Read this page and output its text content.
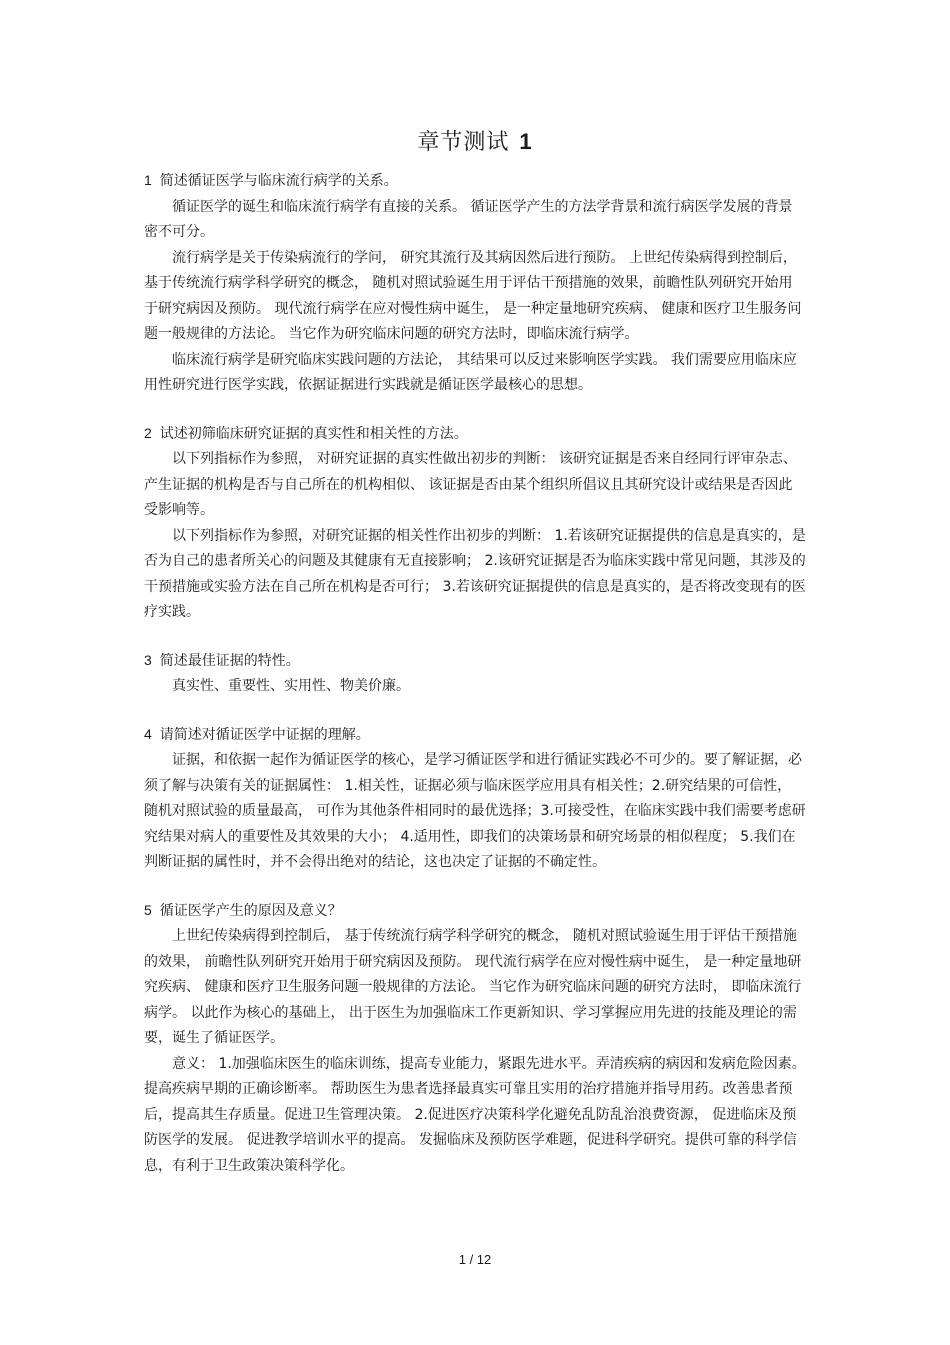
章节测试 1

1 简述循证医学与临床流行病学的关系。

循证医学的诞生和临床流行病学有直接的关系。 循证医学产生的方法学背景和流行病医学发展的背景密不可分。

流行病学是关于传染病流行的学问， 研究其流行及其病因然后进行预防。 上世纪传染病得到控制后， 基于传统流行病学科学研究的概念， 随机对照试验诞生用于评估干预措施的效果，前瞻性队列研究开始用于研究病因及预防。 现代流行病学在应对慢性病中诞生， 是一种定量地研究疾病、 健康和医疗卫生服务问题一般规律的方法论。 当它作为研究临床问题的研究方法时，即临床流行病学。

临床流行病学是研究临床实践问题的方法论， 其结果可以反过来影响医学实践。 我们需要应用临床应用性研究进行医学实践，依据证据进行实践就是循证医学最核心的思想。

2 试述初筛临床研究证据的真实性和相关性的方法。

以下列指标作为参照， 对研究证据的真实性做出初步的判断： 该研究证据是否来自经同行评审杂志、 产生证据的机构是否与自己所在的机构相似、 该证据是否由某个组织所倡议且其研究设计或结果是否因此受影响等。

以下列指标作为参照，对研究证据的相关性作出初步的判断： 1.若该研究证据提供的信息是真实的，是否为自己的患者所关心的问题及其健康有无直接影响； 2.该研究证据是否为临床实践中常见问题，其涉及的干预措施或实验方法在自己所在机构是否可行； 3.若该研究证据提供的信息是真实的，是否将改变现有的医疗实践。

3 简述最佳证据的特性。

真实性、重要性、实用性、物美价廉。

4 请简述对循证医学中证据的理解。

证据，和依据一起作为循证医学的核心，是学习循证医学和进行循证实践必不可少的。要了解证据，必须了解与决策有关的证据属性： 1.相关性，证据必须与临床医学应用具有相关性；2.研究结果的可信性， 随机对照试验的质量最高， 可作为其他条件相同时的最优选择；3.可接受性，在临床实践中我们需要考虑研究结果对病人的重要性及其效果的大小； 4.适用性，即我们的决策场景和研究场景的相似程度； 5.我们在判断证据的属性时，并不会得出绝对的结论，这也决定了证据的不确定性。

5 循证医学产生的原因及意义？

上世纪传染病得到控制后， 基于传统流行病学科学研究的概念， 随机对照试验诞生用于评估干预措施的效果， 前瞻性队列研究开始用于研究病因及预防。 现代流行病学在应对慢性病中诞生， 是一种定量地研究疾病、 健康和医疗卫生服务问题一般规律的方法论。 当它作为研究临床问题的研究方法时， 即临床流行病学。 以此作为核心的基础上， 出于医生为加强临床工作更新知识、学习掌握应用先进的技能及理论的需要，诞生了循证医学。

意义： 1.加强临床医生的临床训练，提高专业能力，紧跟先进水平。弄清疾病的病因和发病危险因素。 提高疾病早期的正确诊断率。 帮助医生为患者选择最真实可靠且实用的治疗措施并指导用药。改善患者预后，提高其生存质量。促进卫生管理决策。 2.促进医疗决策科学化避免乱防乱治浪费资源， 促进临床及预防医学的发展。 促进教学培训水平的提高。 发掘临床及预防医学难题，促进科学研究。提供可靠的科学信息，有利于卫生政策决策科学化。

1 / 12
